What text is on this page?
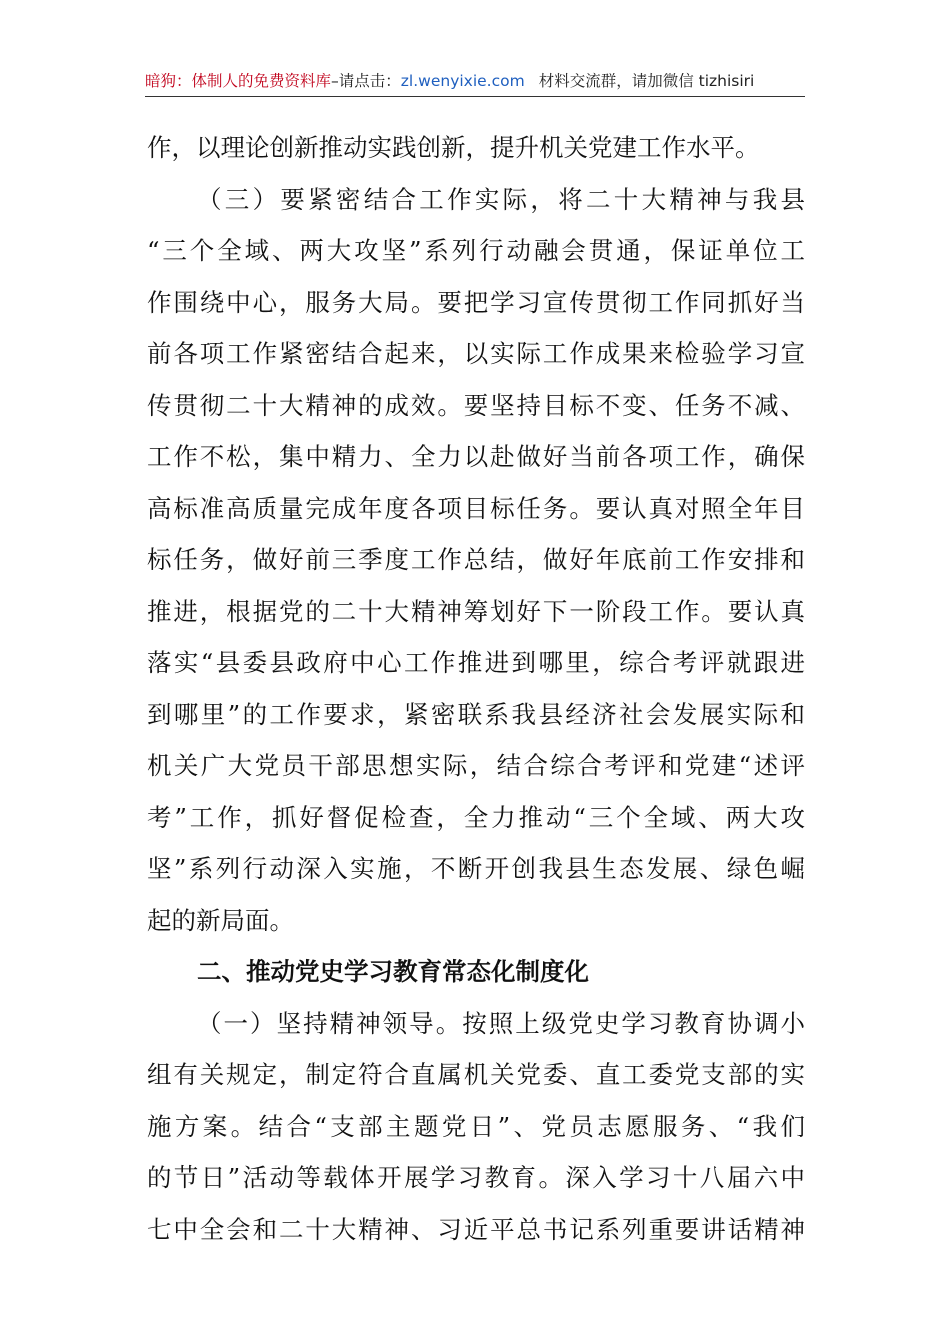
暗狗：体制人的免费资料库–请点击：zl.wenyixie.com 材料交流群，请加微信 tizhisiri
作，以理论创新推动实践创新，提升机关党建工作水平。
（三）要紧密结合工作实际，将二十大精神与我县
“三个全域、两大攻坚”系列行动融会贯通，保证单位工
作围绕中心，服务大局。要把学习宣传贯彻工作同抓好当
前各项工作紧密结合起来，以实际工作成果来检验学习宣
传贯彻二十大精神的成效。要坚持目标不变、任务不减、
工作不松，集中精力、全力以赴做好当前各项工作，确保
高标准高质量完成年度各项目标任务。要认真对照全年目
标任务，做好前三季度工作总结，做好年底前工作安排和
推进，根据党的二十大精神筹划好下一阶段工作。要认真
落实“县委县政府中心工作推进到哪里，综合考评就跟进
到哪里”的工作要求，紧密联系我县经济社会发展实际和
机关广大党员干部思想实际，结合综合考评和党建“述评
考”工作，抓好督促检查，全力推动“三个全域、两大攻
坚”系列行动深入实施，不断开创我县生态发展、绿色崛
起的新局面。
二、推动党史学习教育常态化制度化
（一）坚持精神领导。按照上级党史学习教育协调小
组有关规定，制定符合直属机关党委、直工委党支部的实
施方案。结合“支部主题党日”、党员志愿服务、“我们
的节日”活动等载体开展学习教育。深入学习十八届六中
七中全会和二十大精神、习近平总书记系列重要讲话精神
